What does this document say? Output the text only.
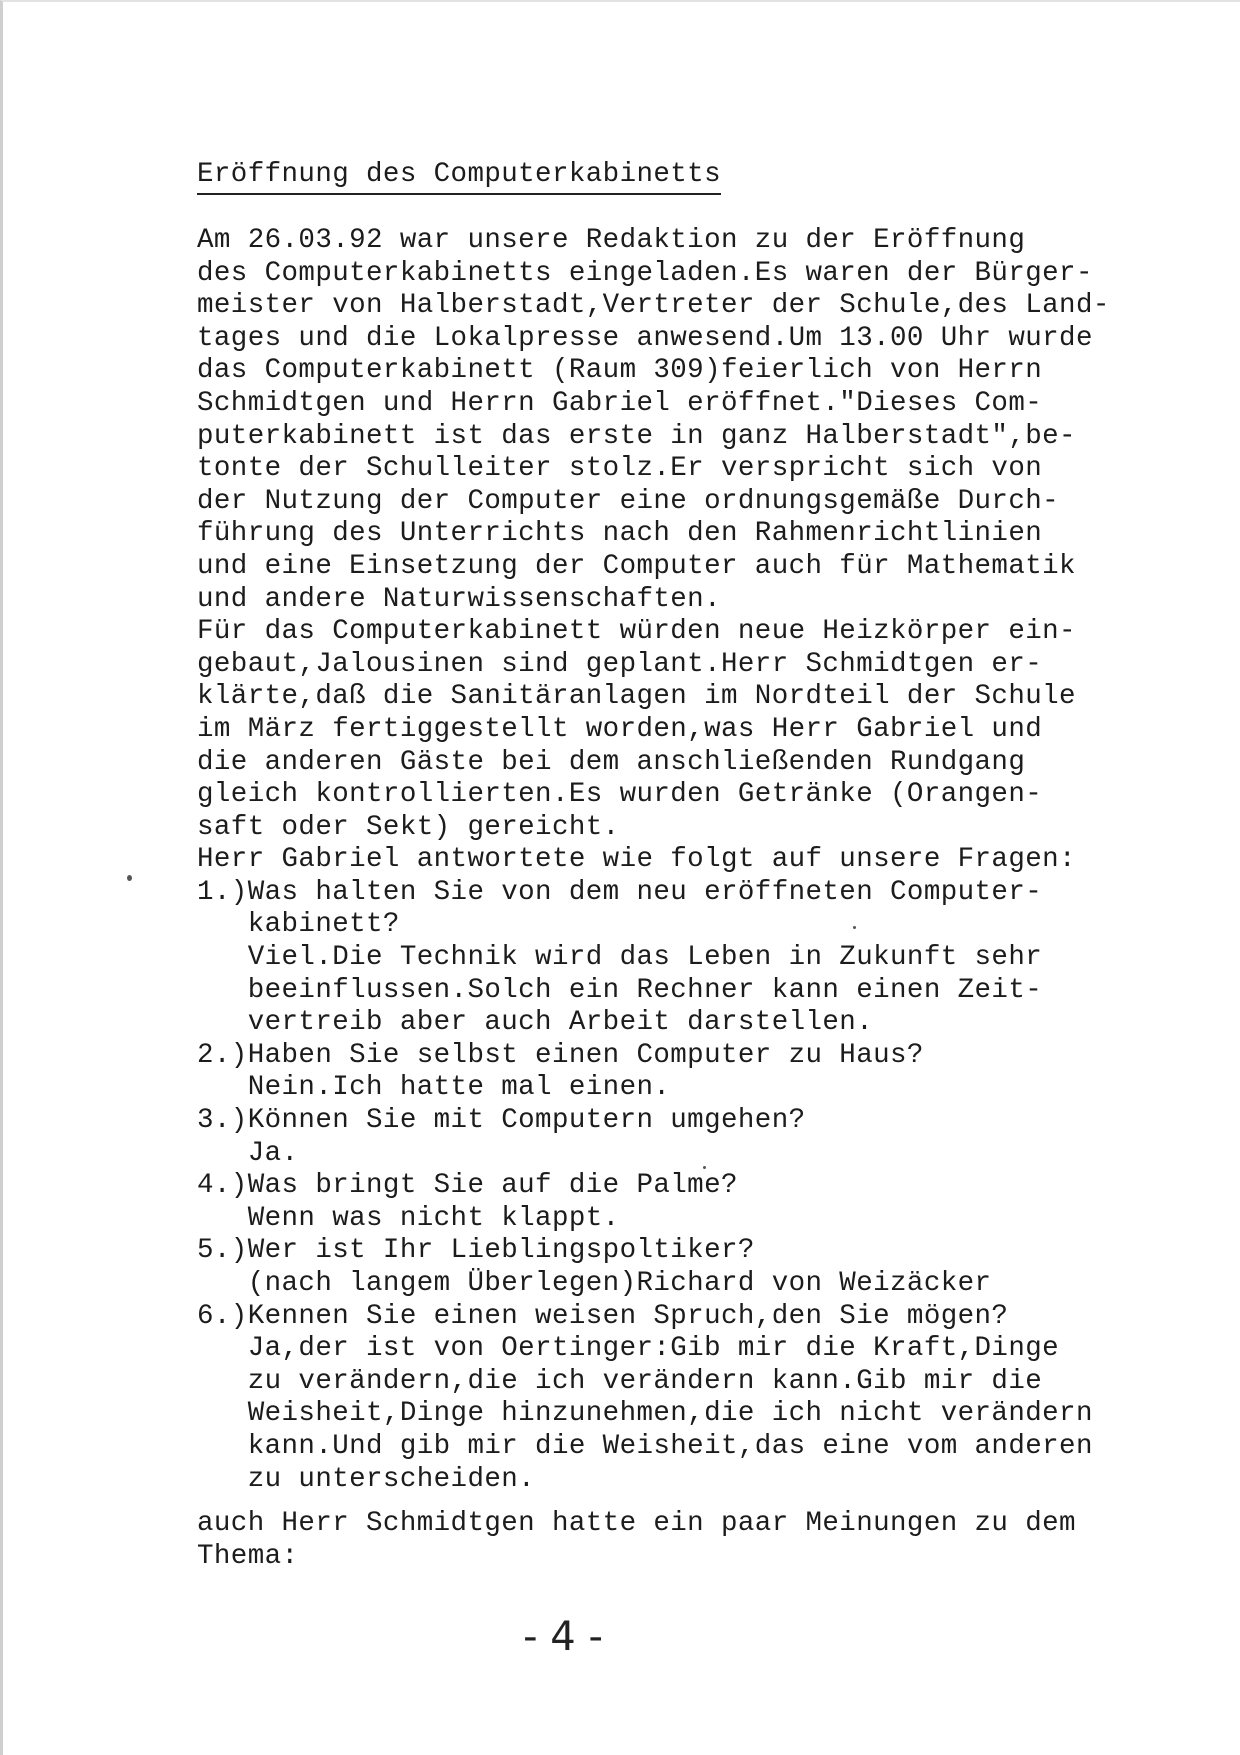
Eröffnung des Computerkabinetts
Am 26.03.92 war unsere Redaktion zu der Eröffnung
des Computerkabinetts eingeladen.Es waren der Bürger-
meister von Halberstadt,Vertreter der Schule,des Land-
tages und die Lokalpresse anwesend.Um 13.00 Uhr wurde
das Computerkabinett (Raum 309)feierlich von Herrn
Schmidtgen und Herrn Gabriel eröffnet."Dieses Com-
puterkabinett ist das erste in ganz Halberstadt",be-
tonte der Schulleiter stolz.Er verspricht sich von
der Nutzung der Computer eine ordnungsgemäße Durch-
führung des Unterrichts nach den Rahmenrichtlinien
und eine Einsetzung der Computer auch für Mathematik
und andere Naturwissenschaften.
Für das Computerkabinett würden neue Heizkörper ein-
gebaut,Jalousinen sind geplant.Herr Schmidtgen er-
klärte,daß die Sanitäranlagen im Nordteil der Schule
im März fertiggestellt worden,was Herr Gabriel und
die anderen Gäste bei dem anschließenden Rundgang
gleich kontrollierten.Es wurden Getränke (Orangen-
saft oder Sekt) gereicht.
Herr Gabriel antwortete wie folgt auf unsere Fragen:
1.)Was halten Sie von dem neu eröffneten Computer-
kabinett?
Viel.Die Technik wird das Leben in Zukunft sehr
beeinflussen.Solch ein Rechner kann einen Zeit-
vertreib aber auch Arbeit darstellen.
2.)Haben Sie selbst einen Computer zu Haus?
Nein.Ich hatte mal einen.
3.)Können Sie mit Computern umgehen?
Ja.
4.)Was bringt Sie auf die Palme?
Wenn was nicht klappt.
5.)Wer ist Ihr Lieblingspoltiker?
(nach langem Überlegen)Richard von Weizäcker
6.)Kennen Sie einen weisen Spruch,den Sie mögen?
Ja,der ist von Oertinger:Gib mir die Kraft,Dinge
zu verändern,die ich verändern kann.Gib mir die
Weisheit,Dinge hinzunehmen,die ich nicht verändern
kann.Und gib mir die Weisheit,das eine vom anderen
zu unterscheiden.
auch Herr Schmidtgen hatte ein paar Meinungen zu dem
Thema:
- 4 -
